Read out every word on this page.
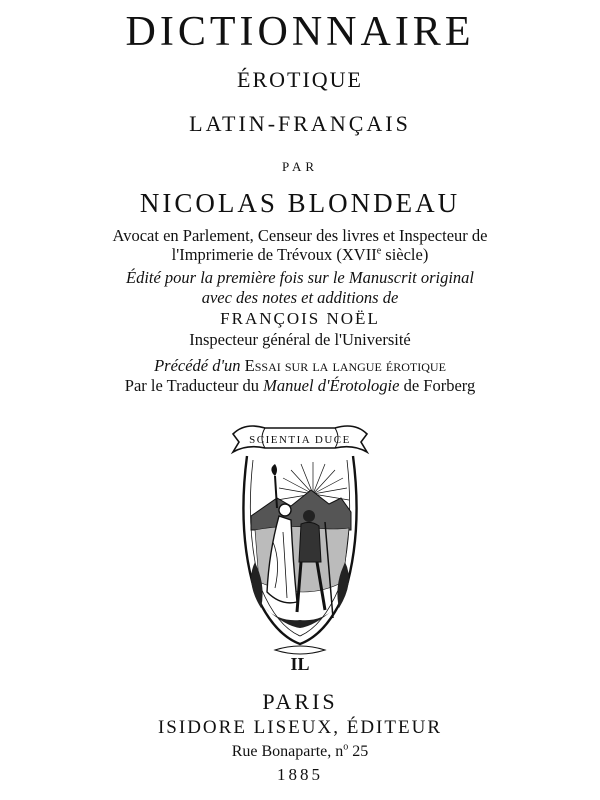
DICTIONNAIRE
ÉROTIQUE
LATIN-FRANÇAIS
PAR
NICOLAS BLONDEAU
Avocat en Parlement, Censeur des livres et Inspecteur de
l'Imprimerie de Trévoux (XVIIe siècle)
Édité pour la première fois sur le Manuscrit original
avec des notes et additions de
FRANÇOIS NOËL
Inspecteur général de l'Université
Précédé d'un Essai sur la langue érotique
Par le Traducteur du Manuel d'Érotologie de Forberg
SCIENTIA DUCE
IL
PARIS
ISIDORE LISEUX, ÉDITEUR
Rue Bonaparte, $n^o$ 25
1885
